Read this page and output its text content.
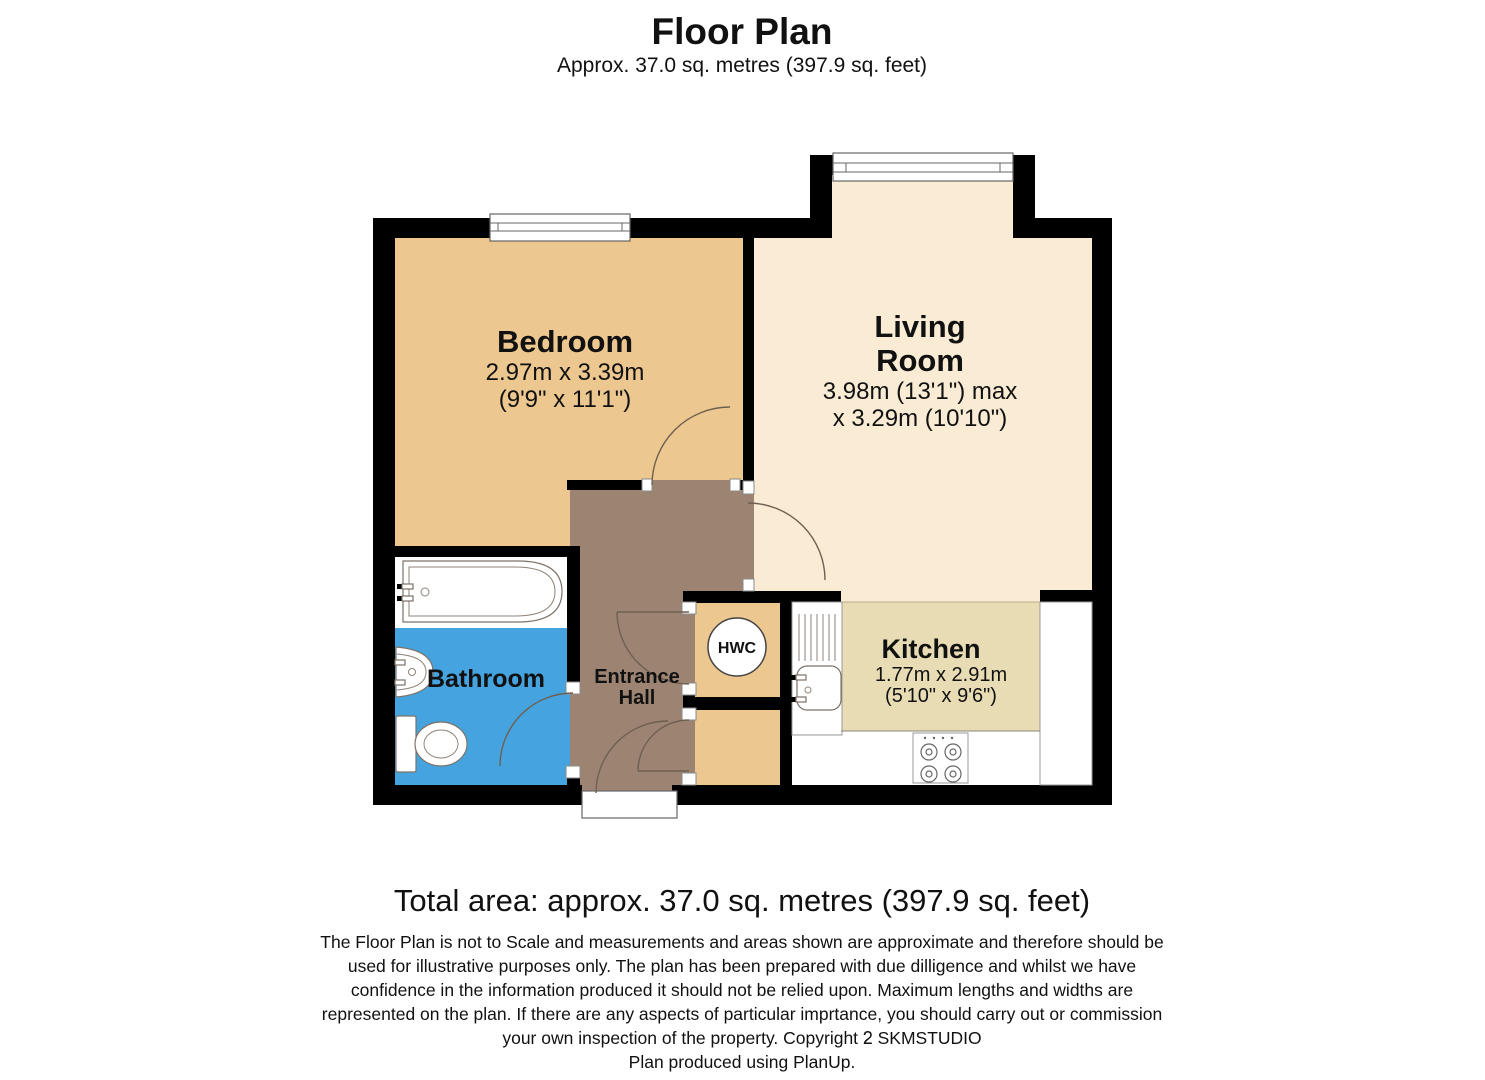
Floor Plan
Approx. 37.0 sq. metres (397.9 sq. feet)
HWC
Bedroom
2.97m x 3.39m
(9'9" x 11'1")
Living
Room
3.98m (13'1") max
x 3.29m (10'10")
Kitchen
1.77m x 2.91m
(5'10" x 9'6")
Bathroom Entrance
Hall
Total area: approx. 37.0 sq. metres (397.9 sq. feet)
The Floor Plan is not to Scale and measurements and areas shown are approximate and therefore should be
used for illustrative purposes only. The plan has been prepared with due dilligence and whilst we have
confidence in the information produced it should not be relied upon. Maximum lengths and widths are
represented on the plan. If there are any aspects of particular imprtance, you should carry out or commission
your own inspection of the property. Copyright ᒿ SKMSTUDIO
Plan produced using PlanUp.
